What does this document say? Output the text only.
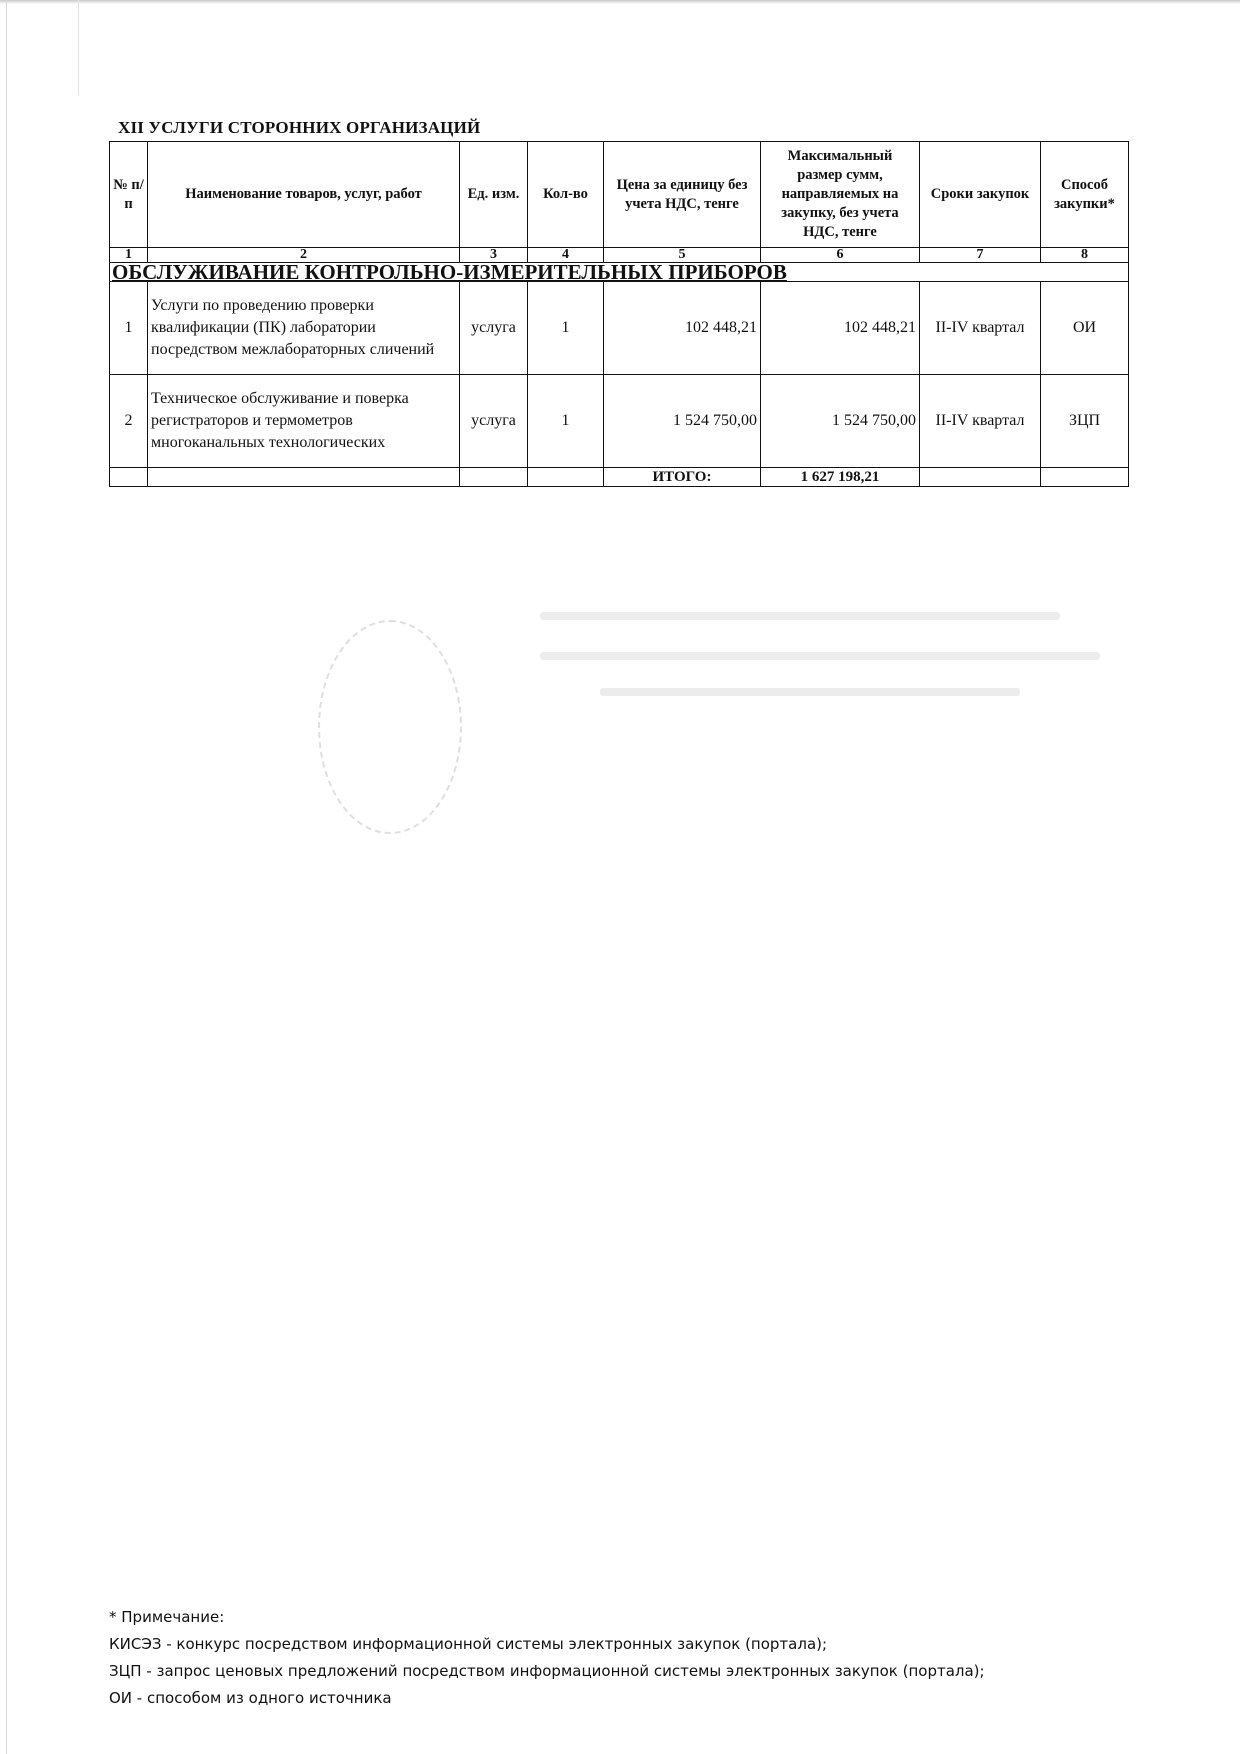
XII УСЛУГИ СТОРОННИХ ОРГАНИЗАЦИЙ
№ п/п	Наименование товаров, услуг, работ	Ед. изм.	Кол-во	Цена за единицу без учета НДС, тенге	Максимальный размер сумм, направляемых на закупку, без учета НДС, тенге	Сроки закупок	Способ закупки*
1	2	3	4	5	6	7	8
ОБСЛУЖИВАНИЕ КОНТРОЛЬНО-ИЗМЕРИТЕЛЬНЫХ ПРИБОРОВ							
1	Услуги по проведению проверки квалификации (ПК) лаборатории посредством межлабораторных сличений	услуга	1	102 448,21	102 448,21	II-IV квартал	ОИ
2	Техническое обслуживание и поверка регистраторов и термометров многоканальных технологических	услуга	1	1 524 750,00	1 524 750,00	II-IV квартал	ЗЦП
				ИТОГО:	1 627 198,21		
* Примечание:
КИСЭЗ - конкурс посредством информационной системы электронных закупок (портала);
ЗЦП - запрос ценовых предложений посредством информационной системы электронных закупок (портала);
ОИ - способом из одного источника
